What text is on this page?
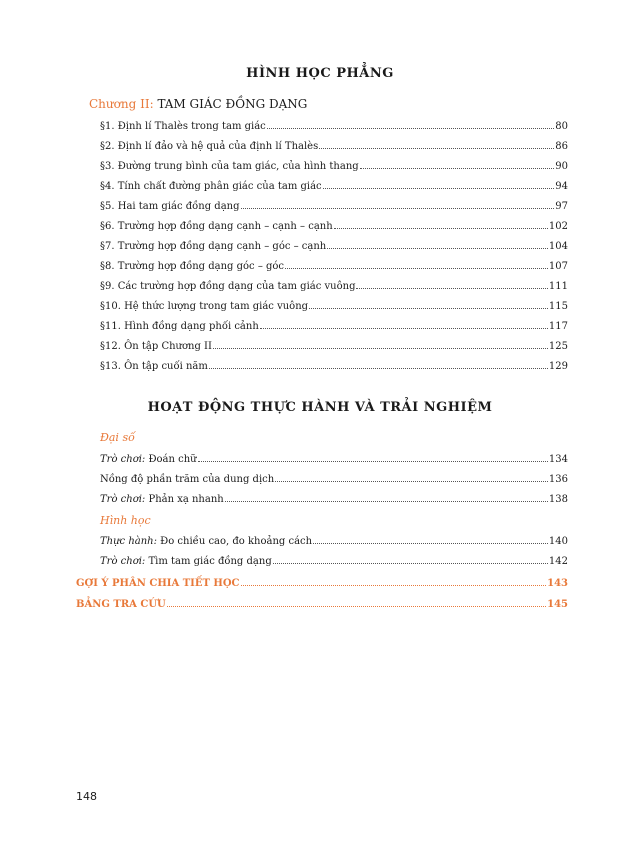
HÌNH HỌC PHẲNG
Chương II: TAM GIÁC ĐỒNG DẠNG
§1. Định lí Thalès trong tam giác	80
§2. Định lí đảo và hệ quả của định lí Thalès	86
§3. Đường trung bình của tam giác, của hình thang	90
§4. Tính chất đường phân giác của tam giác	94
§5. Hai tam giác đồng dạng	97
§6. Trường hợp đồng dạng cạnh – cạnh – cạnh	102
§7. Trường hợp đồng dạng cạnh – góc – cạnh	104
§8. Trường hợp đồng dạng góc – góc	107
§9. Các trường hợp đồng dạng của tam giác vuông	111
§10. Hệ thức lượng trong tam giác vuông	115
§11. Hình đồng dạng phối cảnh	117
§12. Ôn tập Chương II	125
§13. Ôn tập cuối năm	129
HOẠT ĐỘNG THỰC HÀNH VÀ TRẢI NGHIỆM
Đại số
Trò chơi: Đoán chữ	134
Nồng độ phần trăm của dung dịch	136
Trò chơi: Phản xạ nhanh	138
Hình học
Thực hành: Đo chiều cao, đo khoảng cách	140
Trò chơi: Tìm tam giác đồng dạng	142
GỢI Ý PHÂN CHIA TIẾT HỌC	143
BẢNG TRA CỨU	145
148
